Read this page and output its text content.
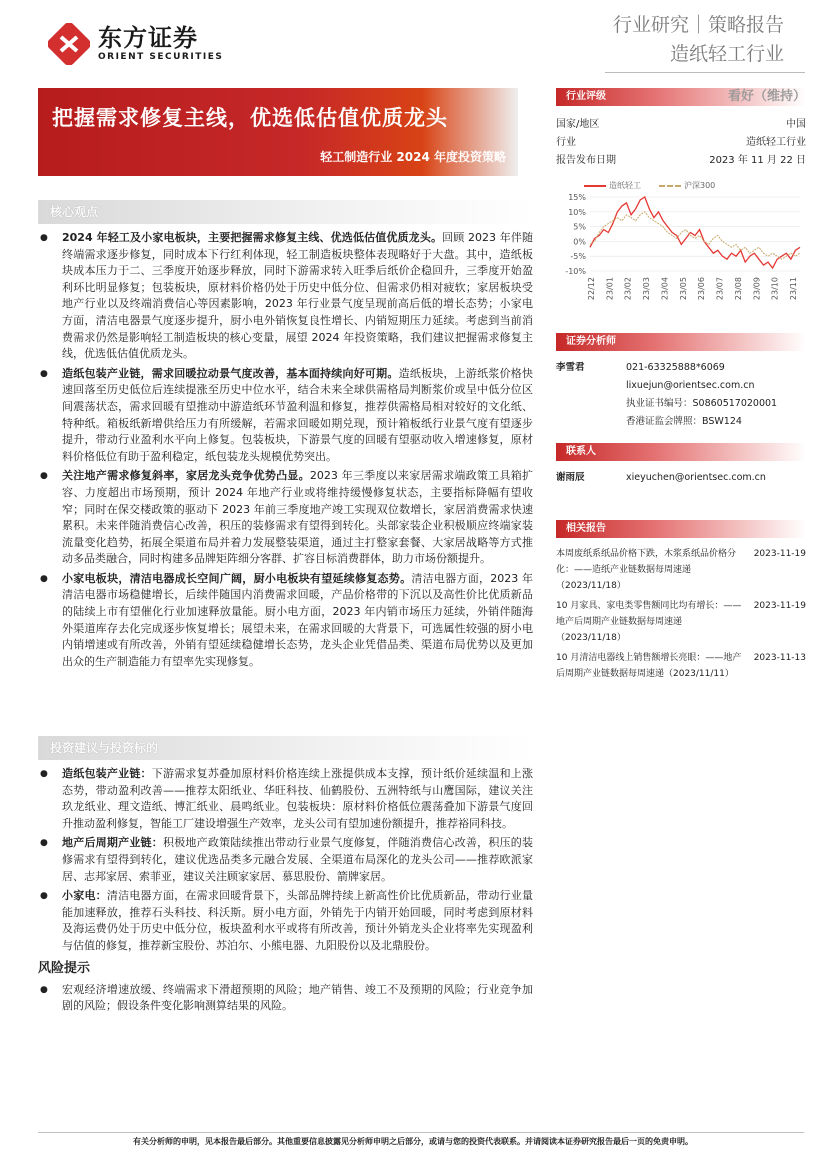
东方证券
ORIENT SECURITIES
行业研究｜策略报告
造纸轻工行业
把握需求修复主线，优选低估值优质龙头
轻工制造行业 2024 年度投资策略
行业评级	看好（维持）
国家/地区	中国
行业	造纸轻工行业
报告发布日期	2023 年 11 月 22 日
造纸轻工	沪深300
15%
10%
5%
0%
-5%
-10%
22/12 23/01 23/02 23/03 23/04 23/05 23/06 23/07 23/08 23/09 23/10 23/11
证券分析师
李雪君	021-63325888*6069
lixuejun@orientsec.com.cn
执业证书编号：S0860517020001
香港证监会牌照：BSW124
联系人
谢雨辰	xieyuchen@orientsec.com.cn
相关报告
本周废纸系纸品价格下跌，木浆系纸品价格分化：——造纸产业链数据每周速递（2023/11/18）
2023-11-19
10 月家具、家电类零售额同比均有增长：——地产后周期产业链数据每周速递（2023/11/18）
2023-11-19
10 月清洁电器线上销售额增长亮眼：——地产后周期产业链数据每周速递（2023/11/11）
2023-11-13
核心观点
● 2024 年轻工及小家电板块，主要把握需求修复主线、优选低估值优质龙头。回顾 2023 年伴随终端需求逐步修复，同时成本下行红利体现，轻工制造板块整体表现略好于大盘。其中，造纸板块成本压力于二、三季度开始逐步释放，同时下游需求转入旺季后纸价企稳回升，三季度开始盈利环比明显修复；包装板块，原材料价格仍处于历史中低分位、但需求仍相对疲软；家居板块受地产行业以及终端消费信心等因素影响，2023 年行业景气度呈现前高后低的增长态势；小家电方面，清洁电器景气度逐步提升，厨小电外销恢复良性增长、内销短期压力延续。考虑到当前消费需求仍然是影响轻工制造板块的核心变量，展望 2024 年投资策略，我们建议把握需求修复主线，优选低估值优质龙头。
● 造纸包装产业链，需求回暖拉动景气度改善，基本面持续向好可期。造纸板块，上游纸浆价格快速回落至历史低位后连续提涨至历史中位水平，结合未来全球供需格局判断浆价或呈中低分位区间震荡状态，需求回暖有望推动中游造纸环节盈利温和修复，推荐供需格局相对较好的文化纸、特种纸。箱板纸新增供给压力有所缓解，若需求回暖如期兑现，预计箱板纸行业景气度有望逐步提升，带动行业盈利水平向上修复。包装板块，下游景气度的回暖有望驱动收入增速修复，原材料价格低位有助于盈利稳定，纸包装龙头规模优势突出。
● 关注地产需求修复斜率，家居龙头竞争优势凸显。2023 年三季度以来家居需求端政策工具箱扩容、力度超出市场预期，预计 2024 年地产行业或将维持缓慢修复状态，主要指标降幅有望收窄；同时在保交楼政策的驱动下 2023 年前三季度地产竣工实现双位数增长，家居消费需求快速累积。未来伴随消费信心改善，积压的装修需求有望得到转化。头部家装企业积极顺应终端家装流量变化趋势，拓展全渠道布局并着力发展整装渠道，通过主打整家套餐、大家居战略等方式推动多品类融合，同时构建多品牌矩阵细分客群、扩容目标消费群体，助力市场份额提升。
● 小家电板块，清洁电器成长空间广阔，厨小电板块有望延续修复态势。清洁电器方面，2023 年清洁电器市场稳健增长，后续伴随国内消费需求回暖，产品价格带的下沉以及高性价比优质新品的陆续上市有望催化行业加速释放量能。厨小电方面，2023 年内销市场压力延续，外销伴随海外渠道库存去化完成逐步恢复增长；展望未来，在需求回暖的大背景下，可选属性较强的厨小电内销增速或有所改善，外销有望延续稳健增长态势，龙头企业凭借品类、渠道布局优势以及更加出众的生产制造能力有望率先实现修复。
投资建议与投资标的
● 造纸包装产业链：下游需求复苏叠加原材料价格连续上涨提供成本支撑，预计纸价延续温和上涨态势，带动盈利改善——推荐太阳纸业、华旺科技、仙鹤股份、五洲特纸与山鹰国际，建议关注玖龙纸业、理文造纸、博汇纸业、晨鸣纸业。包装板块：原材料价格低位震荡叠加下游景气度回升推动盈利修复，智能工厂建设增强生产效率，龙头公司有望加速份额提升，推荐裕同科技。
● 地产后周期产业链：积极地产政策陆续推出带动行业景气度修复，伴随消费信心改善，积压的装修需求有望得到转化，建议优选品类多元融合发展、全渠道布局深化的龙头公司——推荐欧派家居、志邦家居、索菲亚，建议关注顾家家居、慕思股份、箭牌家居。
● 小家电：清洁电器方面，在需求回暖背景下，头部品牌持续上新高性价比优质新品，带动行业量能加速释放，推荐石头科技、科沃斯。厨小电方面，外销先于内销开始回暖，同时考虑到原材料及海运费仍处于历史中低分位，板块盈利水平或将有所改善，预计外销龙头企业将率先实现盈利与估值的修复，推荐新宝股份、苏泊尔、小熊电器、九阳股份以及北鼎股份。
风险提示
● 宏观经济增速放缓、终端需求下滑超预期的风险；地产销售、竣工不及预期的风险；行业竞争加剧的风险；假设条件变化影响测算结果的风险。
有关分析师的申明，见本报告最后部分。其他重要信息披露见分析师申明之后部分，或请与您的投资代表联系。并请阅读本证券研究报告最后一页的免责申明。
